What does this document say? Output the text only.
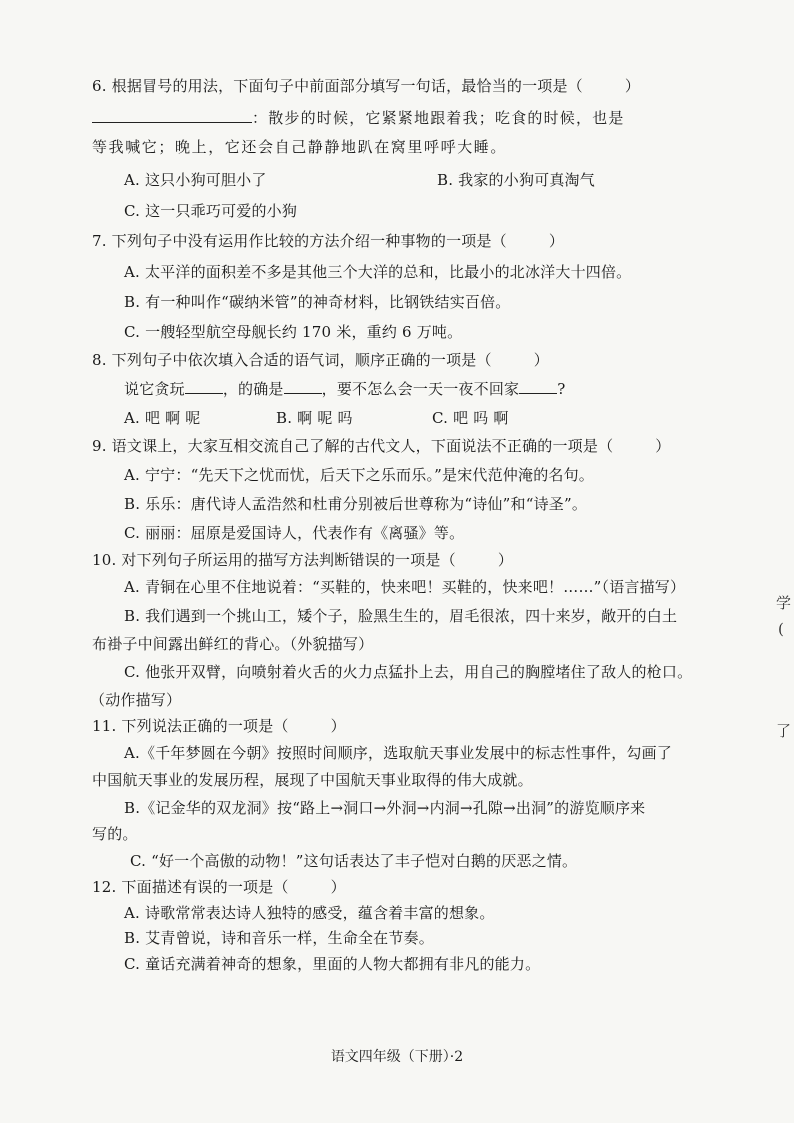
6. 根据冒号的用法，下面句子中前面部分填写一句话，最恰当的一项是（	）
：散步的时候，它紧紧地跟着我；吃食的时候，也是
等我喊它；晚上，它还会自己静静地趴在窝里呼呼大睡。
A. 这只小狗可胆小了	B. 我家的小狗可真淘气
C. 这一只乖巧可爱的小狗
7. 下列句子中没有运用作比较的方法介绍一种事物的一项是（	）
A. 太平洋的面积差不多是其他三个大洋的总和，比最小的北冰洋大十四倍。
B. 有一种叫作“碳纳米管”的神奇材料，比钢铁结实百倍。
C. 一艘轻型航空母舰长约 170 米，重约 6 万吨。
8. 下列句子中依次填入合适的语气词，顺序正确的一项是（	）
说它贪玩	，的确是	，要不怎么会一天一夜不回家	?
A. 吧 啊 呢	B. 啊 呢 吗	C. 吧 吗 啊
9. 语文课上，大家互相交流自己了解的古代文人，下面说法不正确的一项是（	）
A. 宁宁：“先天下之忧而忧，后天下之乐而乐。”是宋代范仲淹的名句。
B. 乐乐：唐代诗人孟浩然和杜甫分别被后世尊称为“诗仙”和“诗圣”。
C. 丽丽：屈原是爱国诗人，代表作有《离骚》等。
10. 对下列句子所运用的描写方法判断错误的一项是（	）
A. 青铜在心里不住地说着：“买鞋的，快来吧！买鞋的，快来吧！……”（语言描写）
B. 我们遇到一个挑山工，矮个子，脸黑生生的，眉毛很浓，四十来岁，敞开的白土
布褂子中间露出鲜红的背心。（外貌描写）
C. 他张开双臂，向喷射着火舌的火力点猛扑上去，用自己的胸膛堵住了敌人的枪口。
（动作描写）
11. 下列说法正确的一项是（	）
A.《千年梦圆在今朝》按照时间顺序，选取航天事业发展中的标志性事件，勾画了
中国航天事业的发展历程，展现了中国航天事业取得的伟大成就。
B.《记金华的双龙洞》按“路上→洞口→外洞→内洞→孔隙→出洞”的游览顺序来
写的。
C. “好一个高傲的动物！”这句话表达了丰子恺对白鹅的厌恶之情。
12. 下面描述有误的一项是（	）
A. 诗歌常常表达诗人独特的感受，蕴含着丰富的想象。
B. 艾青曾说，诗和音乐一样，生命全在节奏。
C. 童话充满着神奇的想象，里面的人物大都拥有非凡的能力。
语文四年级（下册）·2
学
(
了
